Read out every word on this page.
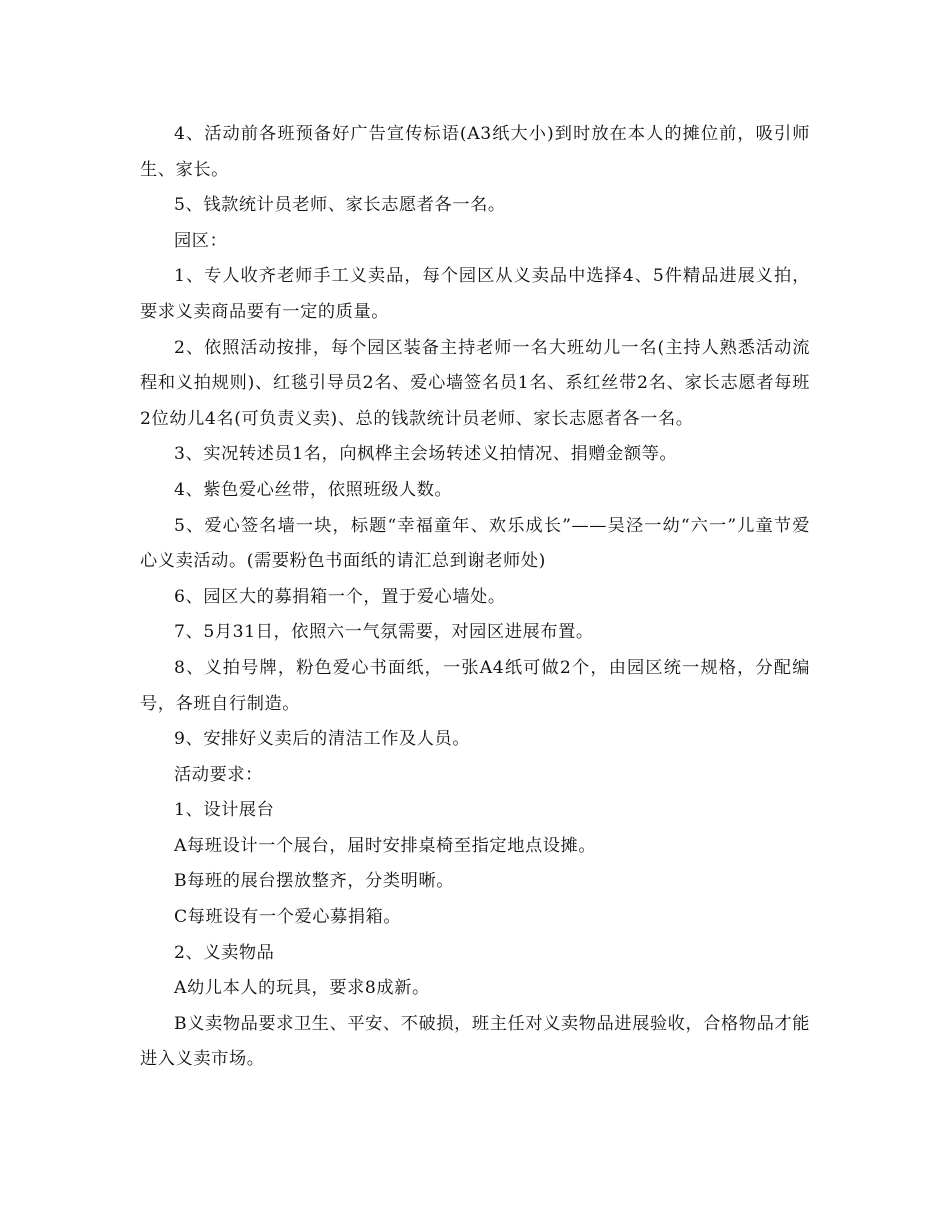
4、活动前各班预备好广告宣传标语(A3纸大小)到时放在本人的摊位前，吸引师生、家长。

5、钱款统计员老师、家长志愿者各一名。

园区：

1、专人收齐老师手工义卖品，每个园区从义卖品中选择4、5件精品进展义拍，要求义卖商品要有一定的质量。

2、依照活动按排，每个园区装备主持老师一名大班幼儿一名(主持人熟悉活动流程和义拍规则)、红毯引导员2名、爱心墙签名员1名、系红丝带2名、家长志愿者每班2位幼儿4名(可负责义卖)、总的钱款统计员老师、家长志愿者各一名。

3、实况转述员1名，向枫桦主会场转述义拍情况、捐赠金额等。

4、紫色爱心丝带，依照班级人数。

5、爱心签名墙一块，标题“幸福童年、欢乐成长”——吴泾一幼“六一”儿童节爱心义卖活动。(需要粉色书面纸的请汇总到谢老师处)

6、园区大的募捐箱一个，置于爱心墙处。

7、5月31日，依照六一气氛需要，对园区进展布置。

8、义拍号牌，粉色爱心书面纸，一张A4纸可做2个，由园区统一规格，分配编号，各班自行制造。

9、安排好义卖后的清洁工作及人员。

活动要求：

1、设计展台

A每班设计一个展台，届时安排桌椅至指定地点设摊。

B每班的展台摆放整齐，分类明晰。

C每班设有一个爱心募捐箱。

2、义卖物品

A幼儿本人的玩具，要求8成新。

B义卖物品要求卫生、平安、不破损，班主任对义卖物品进展验收，合格物品才能进入义卖市场。
